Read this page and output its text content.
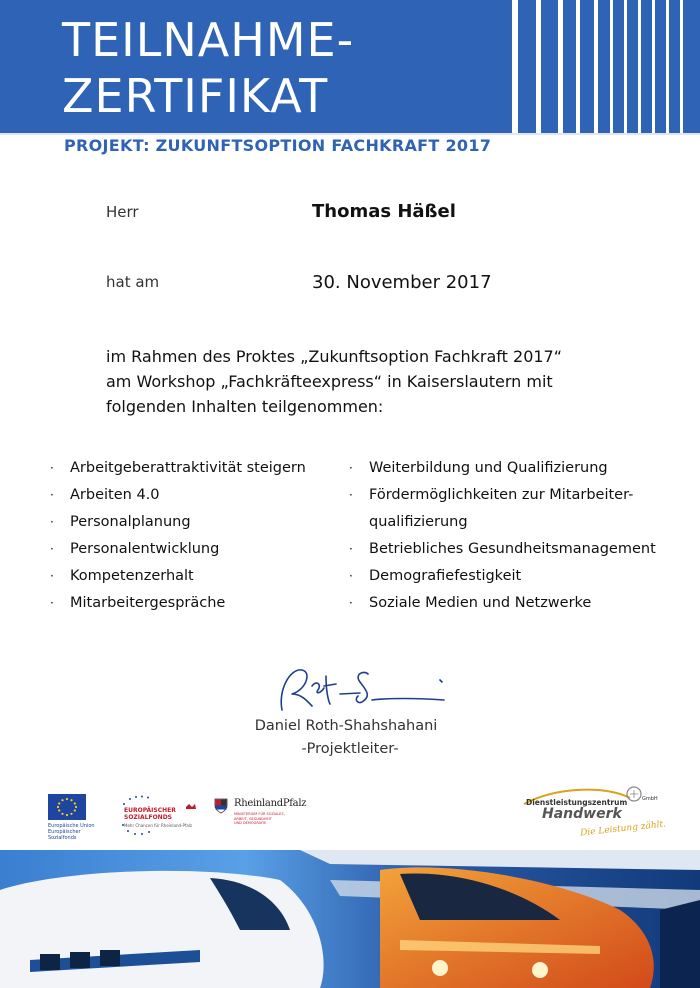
TEILNAHME-
ZERTIFIKAT
PROJEKT: ZUKUNFTSOPTION FACHKRAFT 2017
Herr	Thomas Häßel
hat am	30. November 2017
im Rahmen des Proktes „Zukunftsoption Fachkraft 2017“
am Workshop „Fachkräfteexpress“ in Kaiserslautern mit
folgenden Inhalten teilgenommen:
· Arbeitgeberattraktivität steigern
· Arbeiten 4.0
· Personalplanung
· Personalentwicklung
· Kompetenzerhalt
· Mitarbeitergespräche
· Weiterbildung und Qualifizierung
· Fördermöglichkeiten zur Mitarbeiter-
qualifizierung
· Betriebliches Gesundheitsmanagement
· Demografiefestigkeit
· Soziale Medien und Netzwerke
Daniel Roth-Shahshahani
-Projektleiter-
Europäische Union Europäischer Sozialfonds
EUROPÄISCHER
SOZIALFONDS
Mehr Chancen für Rheinland-Pfalz
RheinlandPfalz
MINISTERIUM FÜR SOZIALES,
ARBEIT, GESUNDHEIT
UND DEMOGRAFIE
Dienstleistungszentrum	GmbH
Handwerk
Die Leistung zählt.
